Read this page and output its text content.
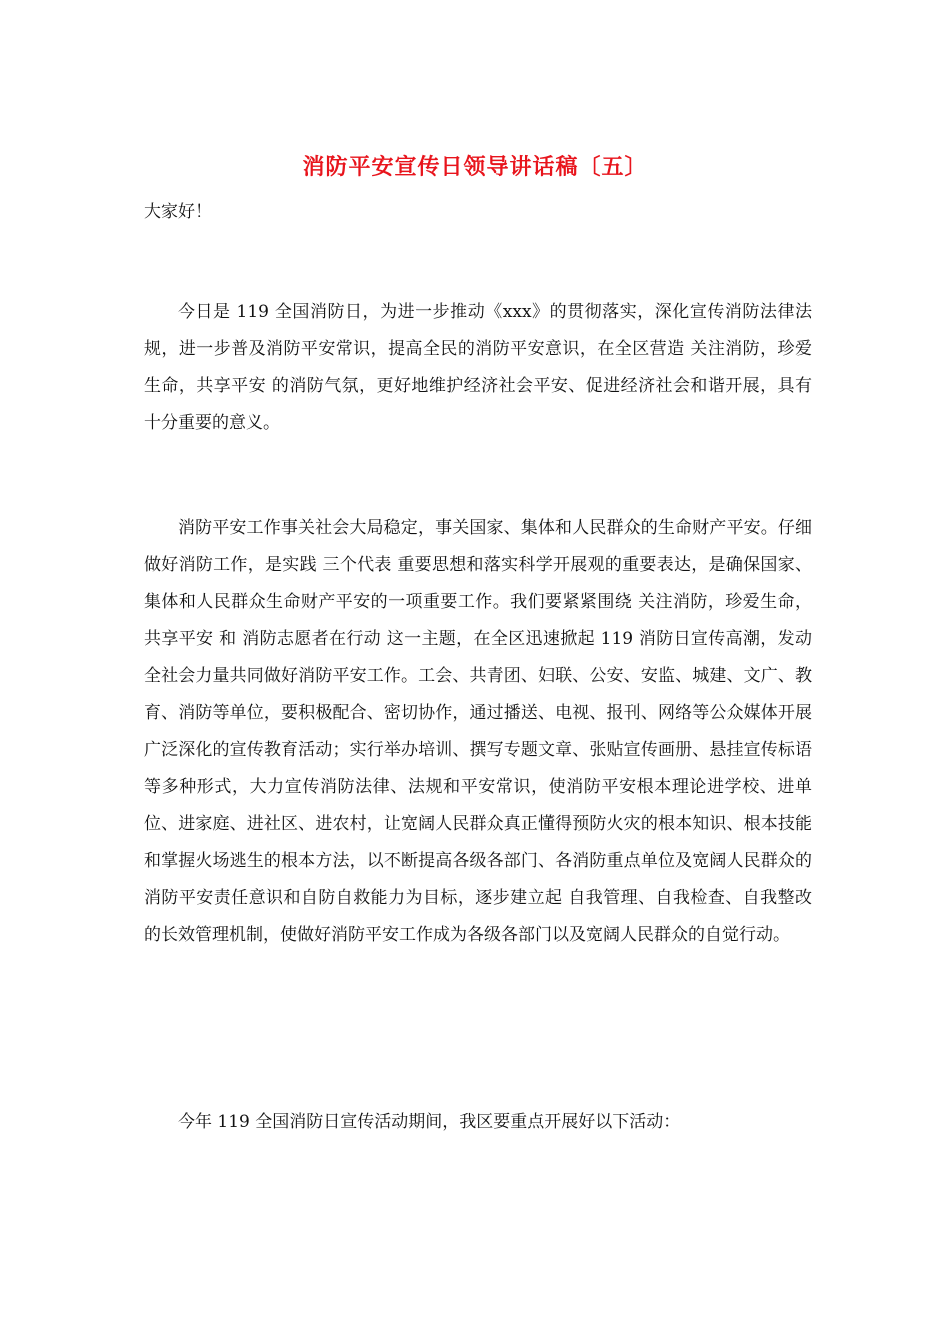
消防平安宣传日领导讲话稿〔五〕
大家好！

今日是 119 全国消防日，为进一步推动《xxx》的贯彻落实，深化宣传消防法律法规，进一步普及消防平安常识，提高全民的消防平安意识，在全区营造 关注消防，珍爱生命，共享平安 的消防气氛，更好地维护经济社会平安、促进经济社会和谐开展，具有十分重要的意义。

消防平安工作事关社会大局稳定，事关国家、集体和人民群众的生命财产平安。仔细做好消防工作，是实践 三个代表 重要思想和落实科学开展观的重要表达，是确保国家、集体和人民群众生命财产平安的一项重要工作。我们要紧紧围绕 关注消防，珍爱生命，共享平安 和 消防志愿者在行动 这一主题，在全区迅速掀起 119 消防日宣传高潮，发动全社会力量共同做好消防平安工作。工会、共青团、妇联、公安、安监、城建、文广、教育、消防等单位，要积极配合、密切协作，通过播送、电视、报刊、网络等公众媒体开展广泛深化的宣传教育活动；实行举办培训、撰写专题文章、张贴宣传画册、悬挂宣传标语等多种形式，大力宣传消防法律、法规和平安常识，使消防平安根本理论进学校、进单位、进家庭、进社区、进农村，让宽阔人民群众真正懂得预防火灾的根本知识、根本技能和掌握火场逃生的根本方法，以不断提高各级各部门、各消防重点单位及宽阔人民群众的消防平安责任意识和自防自救能力为目标，逐步建立起 自我管理、自我检查、自我整改 的长效管理机制，使做好消防平安工作成为各级各部门以及宽阔人民群众的自觉行动。

今年 119 全国消防日宣传活动期间，我区要重点开展好以下活动：
